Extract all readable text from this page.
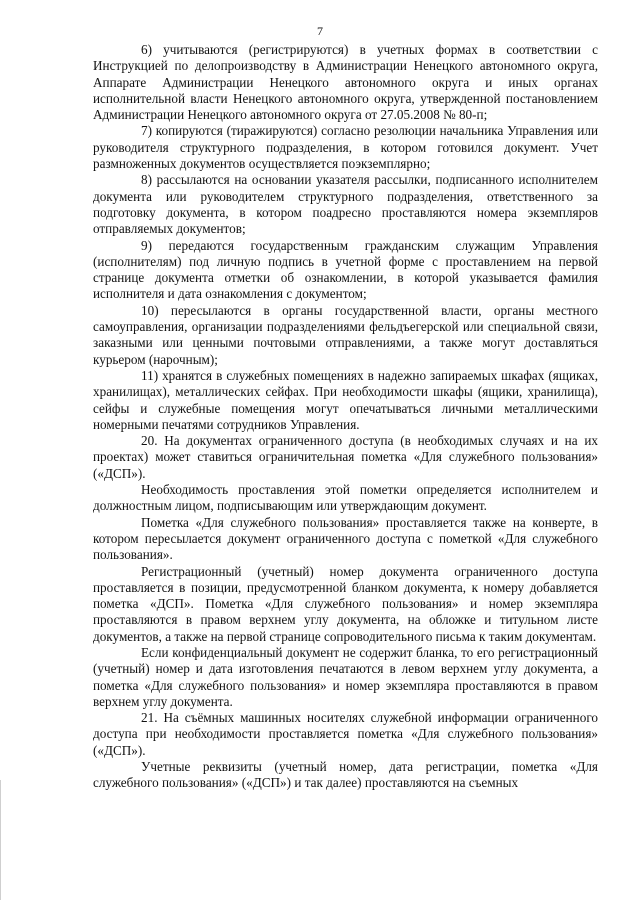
7

6) учитываются (регистрируются) в учетных формах в соответствии с Инструкцией по делопроизводству в Администрации Ненецкого автономного округа, Аппарате Администрации Ненецкого автономного округа и иных органах исполнительной власти Ненецкого автономного округа, утвержденной постановлением Администрации Ненецкого автономного округа от 27.05.2008 № 80-п;

7) копируются (тиражируются) согласно резолюции начальника Управления или руководителя структурного подразделения, в котором готовился документ. Учет размноженных документов осуществляется поэкземплярно;

8) рассылаются на основании указателя рассылки, подписанного исполнителем документа или руководителем структурного подразделения, ответственного за подготовку документа, в котором поадресно проставляются номера экземпляров отправляемых документов;

9) передаются государственным гражданским служащим Управления (исполнителям) под личную подпись в учетной форме с проставлением на первой странице документа отметки об ознакомлении, в которой указывается фамилия исполнителя и дата ознакомления с документом;

10) пересылаются в органы государственной власти, органы местного самоуправления, организации подразделениями фельдъегерской или специальной связи, заказными или ценными почтовыми отправлениями, а также могут доставляться курьером (нарочным);

11) хранятся в служебных помещениях в надежно запираемых шкафах (ящиках, хранилищах), металлических сейфах. При необходимости шкафы (ящики, хранилища), сейфы и служебные помещения могут опечатываться личными металлическими номерными печатями сотрудников Управления.

20. На документах ограниченного доступа (в необходимых случаях и на их проектах) может ставиться ограничительная пометка «Для служебного пользования» («ДСП»).

Необходимость проставления этой пометки определяется исполнителем и должностным лицом, подписывающим или утверждающим документ.

Пометка «Для служебного пользования» проставляется также на конверте, в котором пересылается документ ограниченного доступа с пометкой «Для служебного пользования».

Регистрационный (учетный) номер документа ограниченного доступа проставляется в позиции, предусмотренной бланком документа, к номеру добавляется пометка «ДСП». Пометка «Для служебного пользования» и номер экземпляра проставляются в правом верхнем углу документа, на обложке и титульном листе документов, а также на первой странице сопроводительного письма к таким документам.

Если конфиденциальный документ не содержит бланка, то его регистрационный (учетный) номер и дата изготовления печатаются в левом верхнем углу документа, а пометка «Для служебного пользования» и номер экземпляра проставляются в правом верхнем углу документа.

21. На съёмных машинных носителях служебной информации ограниченного доступа при необходимости проставляется пометка «Для служебного пользования» («ДСП»).

Учетные реквизиты (учетный номер, дата регистрации, пометка «Для служебного пользования» («ДСП») и так далее) проставляются на съемных
